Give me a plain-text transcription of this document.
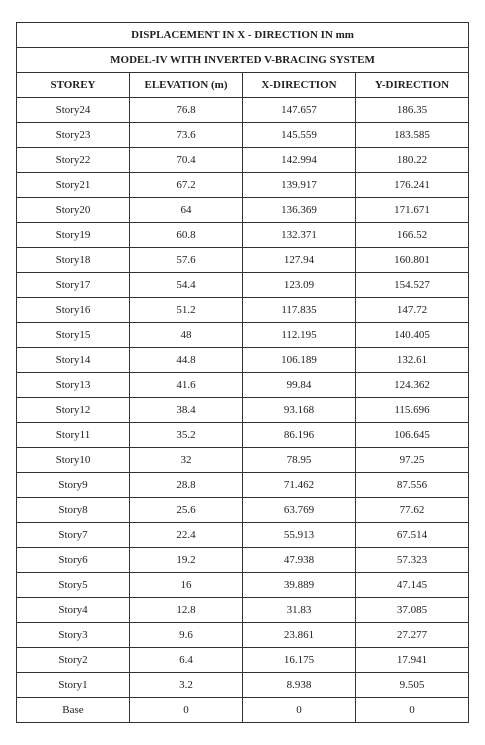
DISPLACEMENT IN X - DIRECTION IN mm			
MODEL-IV WITH INVERTED V-BRACING SYSTEM			
STOREY	ELEVATION (m)	X-DIRECTION	Y-DIRECTION
Story24	76.8	147.657	186.35
Story23	73.6	145.559	183.585
Story22	70.4	142.994	180.22
Story21	67.2	139.917	176.241
Story20	64	136.369	171.671
Story19	60.8	132.371	166.52
Story18	57.6	127.94	160.801
Story17	54.4	123.09	154.527
Story16	51.2	117.835	147.72
Story15	48	112.195	140.405
Story14	44.8	106.189	132.61
Story13	41.6	99.84	124.362
Story12	38.4	93.168	115.696
Story11	35.2	86.196	106.645
Story10	32	78.95	97.25
Story9	28.8	71.462	87.556
Story8	25.6	63.769	77.62
Story7	22.4	55.913	67.514
Story6	19.2	47.938	57.323
Story5	16	39.889	47.145
Story4	12.8	31.83	37.085
Story3	9.6	23.861	27.277
Story2	6.4	16.175	17.941
Story1	3.2	8.938	9.505
Base	0	0	0
